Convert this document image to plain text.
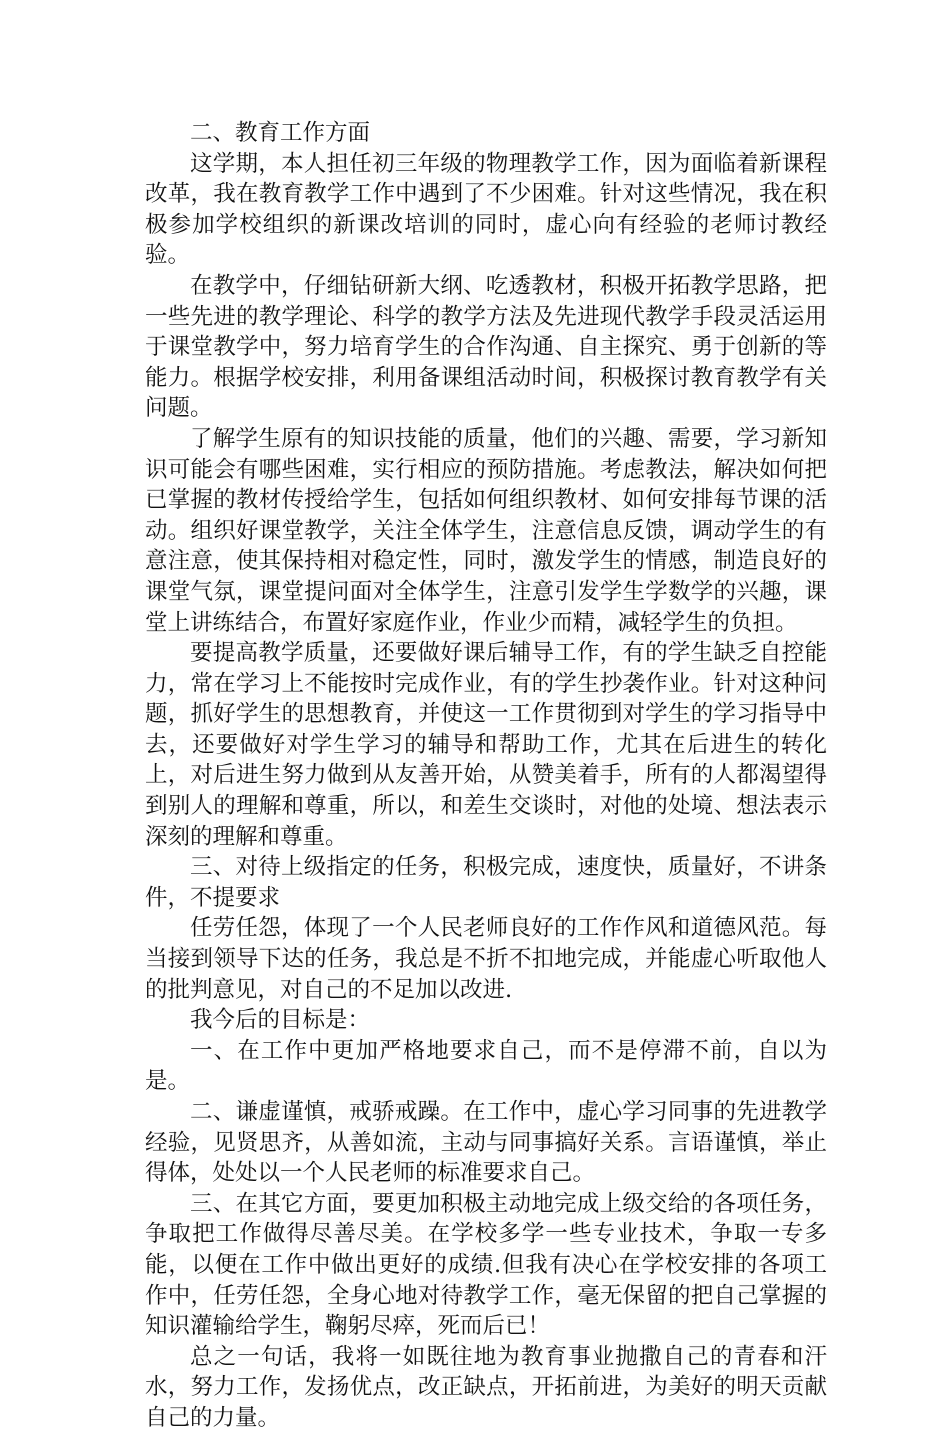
二、教育工作方面

这学期，本人担任初三年级的物理教学工作，因为面临着新课程改革，我在教育教学工作中遇到了不少困难。针对这些情况，我在积极参加学校组织的新课改培训的同时，虚心向有经验的老师讨教经验。

在教学中，仔细钻研新大纲、吃透教材，积极开拓教学思路，把一些先进的教学理论、科学的教学方法及先进现代教学手段灵活运用于课堂教学中，努力培育学生的合作沟通、自主探究、勇于创新的等能力。根据学校安排，利用备课组活动时间，积极探讨教育教学有关问题。

了解学生原有的知识技能的质量，他们的兴趣、需要，学习新知识可能会有哪些困难，实行相应的预防措施。考虑教法，解决如何把已掌握的教材传授给学生，包括如何组织教材、如何安排每节课的活动。组织好课堂教学，关注全体学生，注意信息反馈，调动学生的有意注意，使其保持相对稳定性，同时，激发学生的情感，制造良好的课堂气氛，课堂提问面对全体学生，注意引发学生学数学的兴趣，课堂上讲练结合，布置好家庭作业，作业少而精，减轻学生的负担。

要提高教学质量，还要做好课后辅导工作，有的学生缺乏自控能力，常在学习上不能按时完成作业，有的学生抄袭作业。针对这种问题，抓好学生的思想教育，并使这一工作贯彻到对学生的学习指导中去，还要做好对学生学习的辅导和帮助工作，尤其在后进生的转化上，对后进生努力做到从友善开始，从赞美着手，所有的人都渴望得到别人的理解和尊重，所以，和差生交谈时，对他的处境、想法表示深刻的理解和尊重。

三、对待上级指定的任务，积极完成，速度快，质量好，不讲条件，不提要求

任劳任怨，体现了一个人民老师良好的工作作风和道德风范。每当接到领导下达的任务，我总是不折不扣地完成，并能虚心听取他人的批判意见，对自己的不足加以改进.

我今后的目标是：

一、在工作中更加严格地要求自己，而不是停滞不前，自以为是。

二、谦虚谨慎，戒骄戒躁。在工作中，虚心学习同事的先进教学经验，见贤思齐，从善如流，主动与同事搞好关系。言语谨慎，举止得体，处处以一个人民老师的标准要求自己。

三、在其它方面，要更加积极主动地完成上级交给的各项任务，争取把工作做得尽善尽美。在学校多学一些专业技术，争取一专多能，以便在工作中做出更好的成绩.但我有决心在学校安排的各项工作中，任劳任怨，全身心地对待教学工作，毫无保留的把自己掌握的知识灌输给学生，鞠躬尽瘁，死而后已！

总之一句话，我将一如既往地为教育事业抛撒自己的青春和汗水，努力工作，发扬优点，改正缺点，开拓前进，为美好的明天贡献自己的力量。
